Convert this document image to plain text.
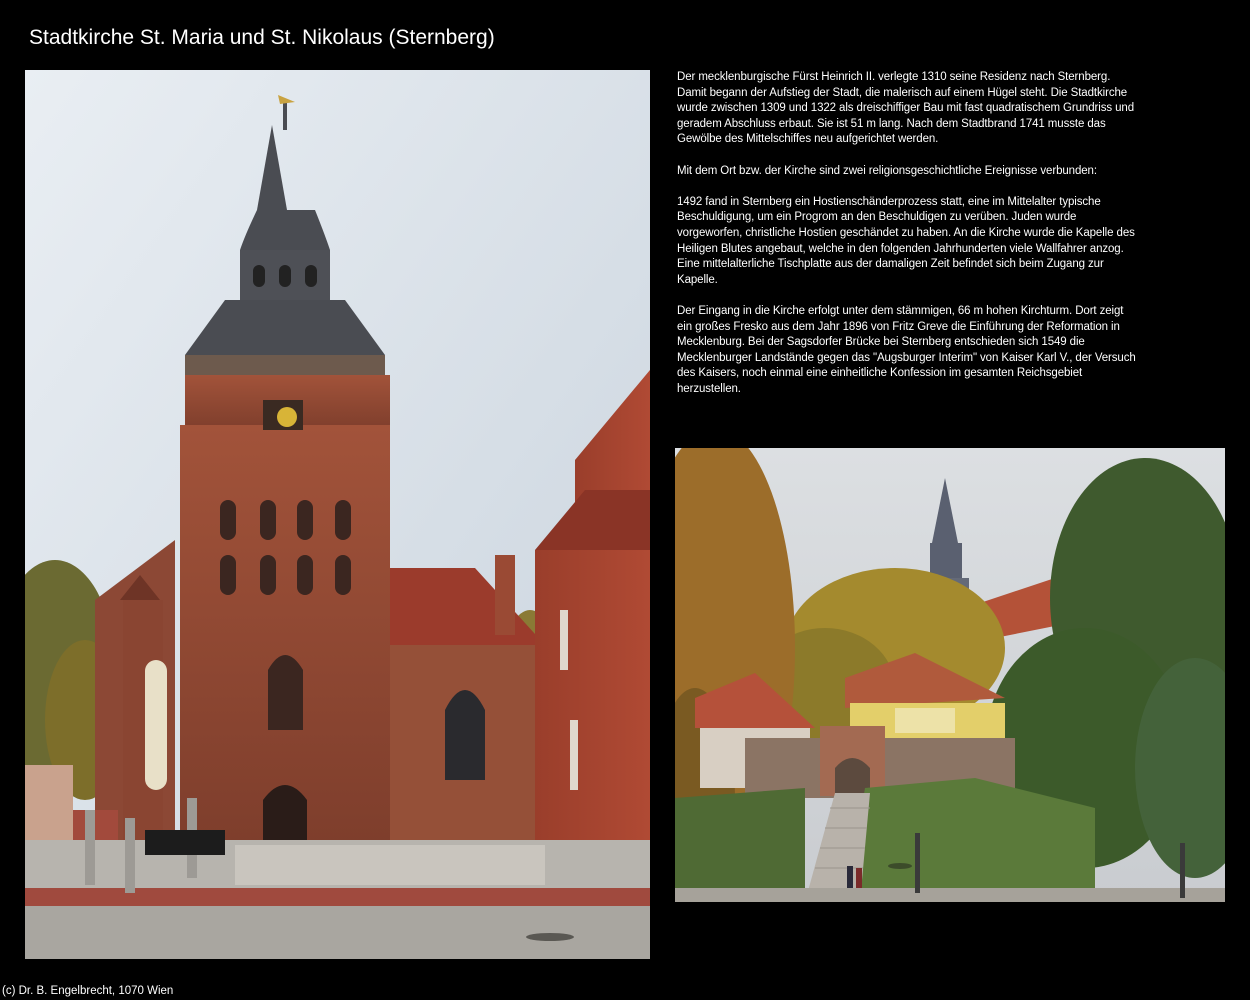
Stadtkirche St. Maria und St. Nikolaus (Sternberg)

Der mecklenburgische Fürst Heinrich II. verlegte 1310 seine Residenz nach Sternberg. Damit begann der Aufstieg der Stadt, die malerisch auf einem Hügel steht. Die Stadtkirche wurde zwischen 1309 und 1322 als dreischiffiger Bau mit fast quadratischem Grundriss und geradem Abschluss erbaut. Sie ist 51 m lang. Nach dem Stadtbrand 1741 musste das Gewölbe des Mittelschiffes neu aufgerichtet werden.

Mit dem Ort bzw. der Kirche sind zwei religionsgeschichtliche Ereignisse verbunden:

1492 fand in Sternberg ein Hostienschänderprozess statt, eine im Mittelalter typische Beschuldigung, um ein Progrom an den Beschuldigen zu verüben. Juden wurde vorgeworfen, christliche Hostien geschändet zu haben. An die Kirche wurde die Kapelle des Heiligen Blutes angebaut, welche in den folgenden Jahrhunderten viele Wallfahrer anzog. Eine mittelalterliche Tischplatte aus der damaligen Zeit befindet sich beim Zugang zur Kapelle.

Der Eingang in die Kirche erfolgt unter dem stämmigen, 66 m hohen Kirchturm. Dort zeigt ein großes Fresko aus dem Jahr 1896 von Fritz Greve die Einführung der Reformation in Mecklenburg. Bei der Sagsdorfer Brücke bei Sternberg entschieden sich 1549 die Mecklenburger Landstände gegen das "Augsburger Interim" von Kaiser Karl V., der Versuch des Kaisers, noch einmal eine einheitliche Konfession im gesamten Reichsgebiet herzustellen.

(c) Dr. B. Engelbrecht, 1070 Wien
